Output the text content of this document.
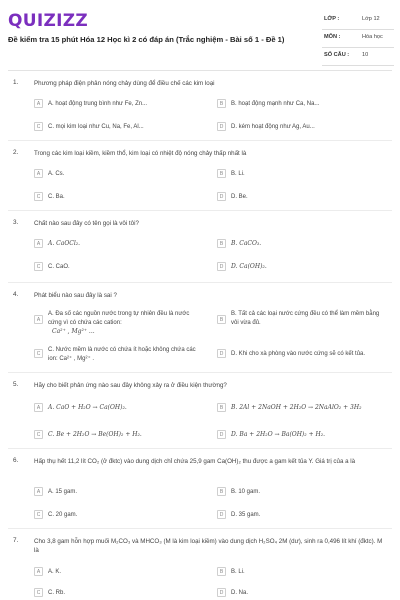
QUIZIZZ
Đề kiểm tra 15 phút Hóa 12 Học kì 2 có đáp án (Trắc nghiệm - Bài số 1 - Đề 1)
LỚP :	Lớp 12
MÔN :	Hóa học
SỐ CÂU : 10
1.	Phương pháp điện phân nóng chảy dùng để điều chế các kim loại
A	A. hoạt động trung bình như Fe, Zn...	B	B. hoạt động mạnh như Ca, Na...
C	C. mọi kim loại như Cu, Na, Fe, Al...	D	D. kém hoạt động như Ag, Au...
2.	Trong các kim loại kiềm, kiềm thổ, kim loại có nhiệt độ nóng chảy thấp nhất là
A	A. Cs.	B	B. Li.
C	C. Ba.	D	D. Be.
3.	Chất nào sau đây có tên gọi là vôi tôi?
A	A. CaOCl₂.	B	B. CaCO₃.
C	C. CaO.	D	D. Ca(OH)₂.
4.	Phát biểu nào sau đây là sai ?
A
A. Đa số các nguồn nước trong tự nhiên đều là nước cứng vì có chứa các cation:
Ca²⁺ , Mg²⁺ ...
B
B. Tất cả các loại nước cứng đều có thể làm mềm bằng vôi vừa đủ.
C
C. Nước mềm là nước có chứa ít hoặc không chứa các ion: Ca²⁺ , Mg²⁺ .
D	D. Khi cho xà phòng vào nước cứng sẽ có kết tủa.
5.	Hãy cho biết phản ứng nào sau đây không xảy ra ở điều kiện thường?
A	A. CaO + H₂O → Ca(OH)₂.	B	B. 2Al + 2NaOH + 2H₂O → 2NaAlO₂ + 3H₂
C	C. Be + 2H₂O → Be(OH)₂ + H₂.	D	D. Ba + 2H₂O → Ba(OH)₂ + H₂.
6.	Hấp thụ hết 11,2 lít CO₂ (ở đktc) vào dung dịch chỉ chứa 25,9 gam Ca(OH)₂ thu được a gam kết tủa Y. Giá trị của a là
A	A. 15 gam.	B	B. 10 gam.
C	C. 20 gam.	D	D. 35 gam.
7.	Cho 3,8 gam hỗn hợp muối M₂CO₃ và MHCO₃ (M là kim loại kiềm) vào dung dịch H₂SO₄ 2M (dư), sinh ra 0,496 lít khí (đktc). M là
A	A. K.	B	B. Li.
C	C. Rb.	D	D. Na.
